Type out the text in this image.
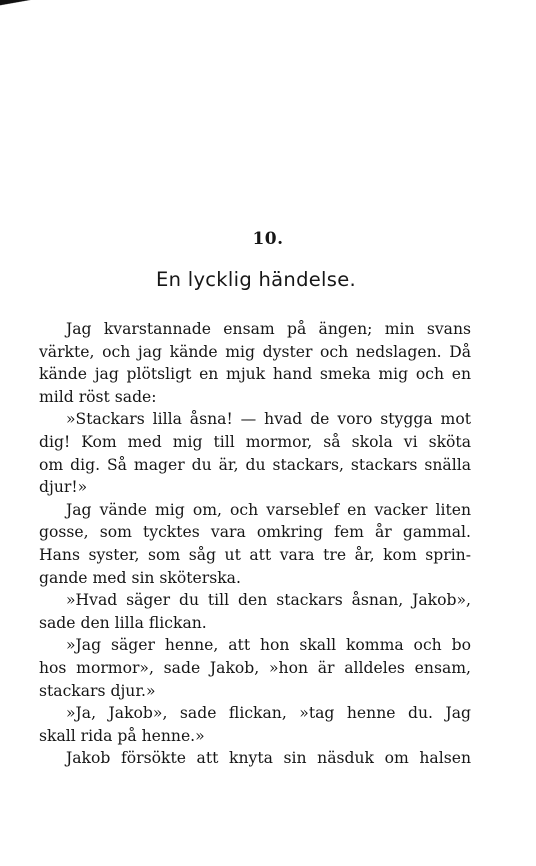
10.
En lycklig händelse.
Jag kvarstannade ensam på ängen; min svans
värkte, och jag kände mig dyster och nedslagen. Då
kände jag plötsligt en mjuk hand smeka mig och en
mild röst sade:
»Stackars lilla åsna! — hvad de voro stygga mot
dig! Kom med mig till mormor, så skola vi sköta
om dig. Så mager du är, du stackars, stackars snälla
djur!»
Jag vände mig om, och varseblef en vacker liten
gosse, som tycktes vara omkring fem år gammal.
Hans syster, som såg ut att vara tre år, kom sprin-
gande med sin sköterska.
»Hvad säger du till den stackars åsnan, Jakob»,
sade den lilla flickan.
»Jag säger henne, att hon skall komma och bo
hos mormor», sade Jakob, »hon är alldeles ensam,
stackars djur.»
»Ja, Jakob», sade flickan, »tag henne du. Jag
skall rida på henne.»
Jakob försökte att knyta sin näsduk om halsen
